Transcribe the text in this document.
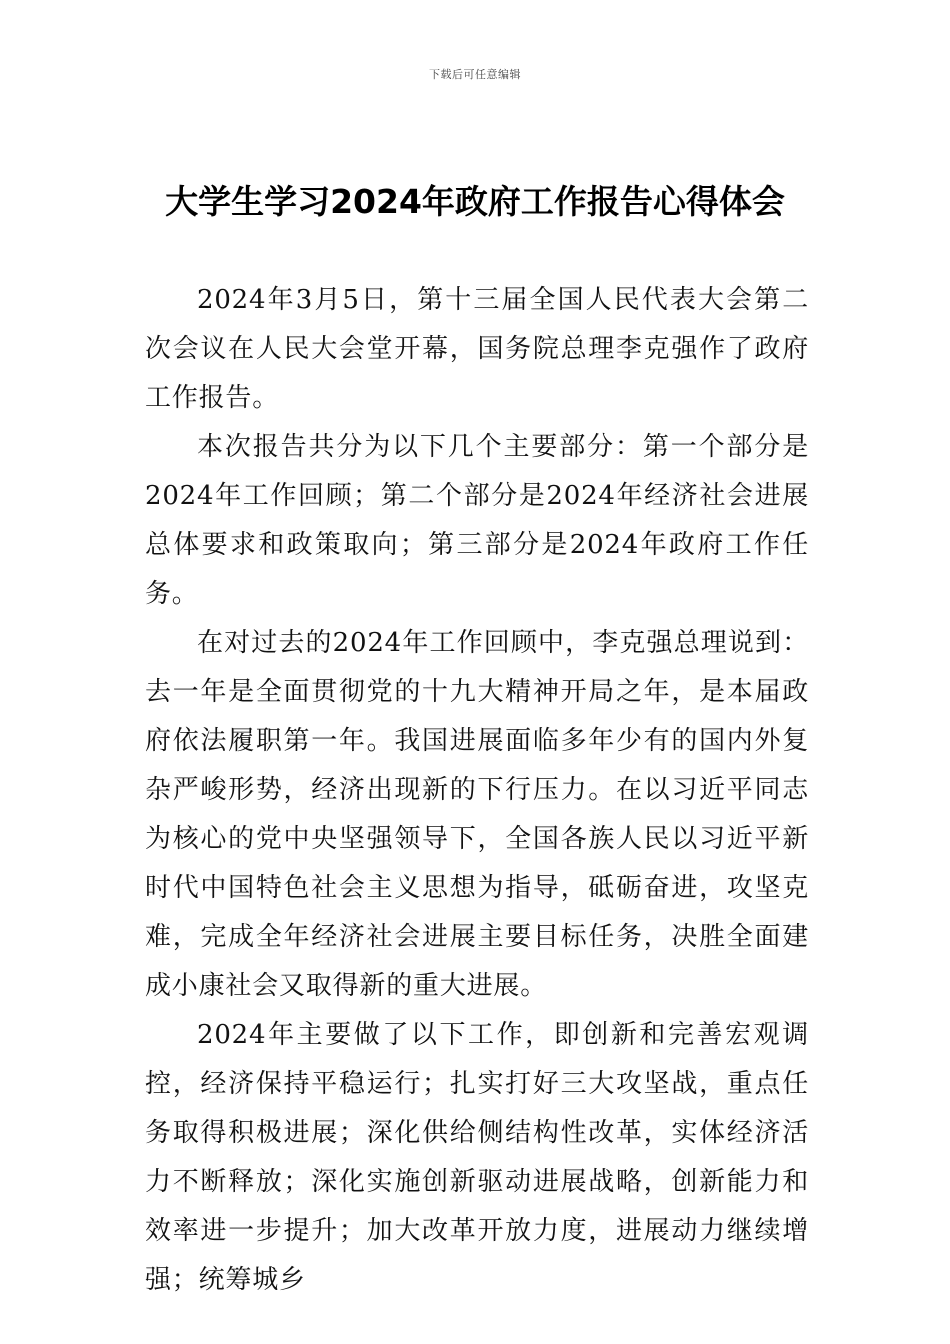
下载后可任意编辑
大学生学习2024年政府工作报告心得体会

2024年3月5日，第十三届全国人民代表大会第二次会议在人民大会堂开幕，国务院总理李克强作了政府工作报告。

本次报告共分为以下几个主要部分：第一个部分是2024年工作回顾；第二个部分是2024年经济社会进展总体要求和政策取向；第三部分是2024年政府工作任务。

在对过去的2024年工作回顾中，李克强总理说到：去一年是全面贯彻党的十九大精神开局之年，是本届政府依法履职第一年。我国进展面临多年少有的国内外复杂严峻形势，经济出现新的下行压力。在以习近平同志为核心的党中央坚强领导下，全国各族人民以习近平新时代中国特色社会主义思想为指导，砥砺奋进，攻坚克难，完成全年经济社会进展主要目标任务，决胜全面建成小康社会又取得新的重大进展。

2024年主要做了以下工作，即创新和完善宏观调控，经济保持平稳运行；扎实打好三大攻坚战，重点任务取得积极进展；深化供给侧结构性改革，实体经济活力不断释放；深化实施创新驱动进展战略，创新能力和效率进一步提升；加大改革开放力度，进展动力继续增强；统筹城乡
